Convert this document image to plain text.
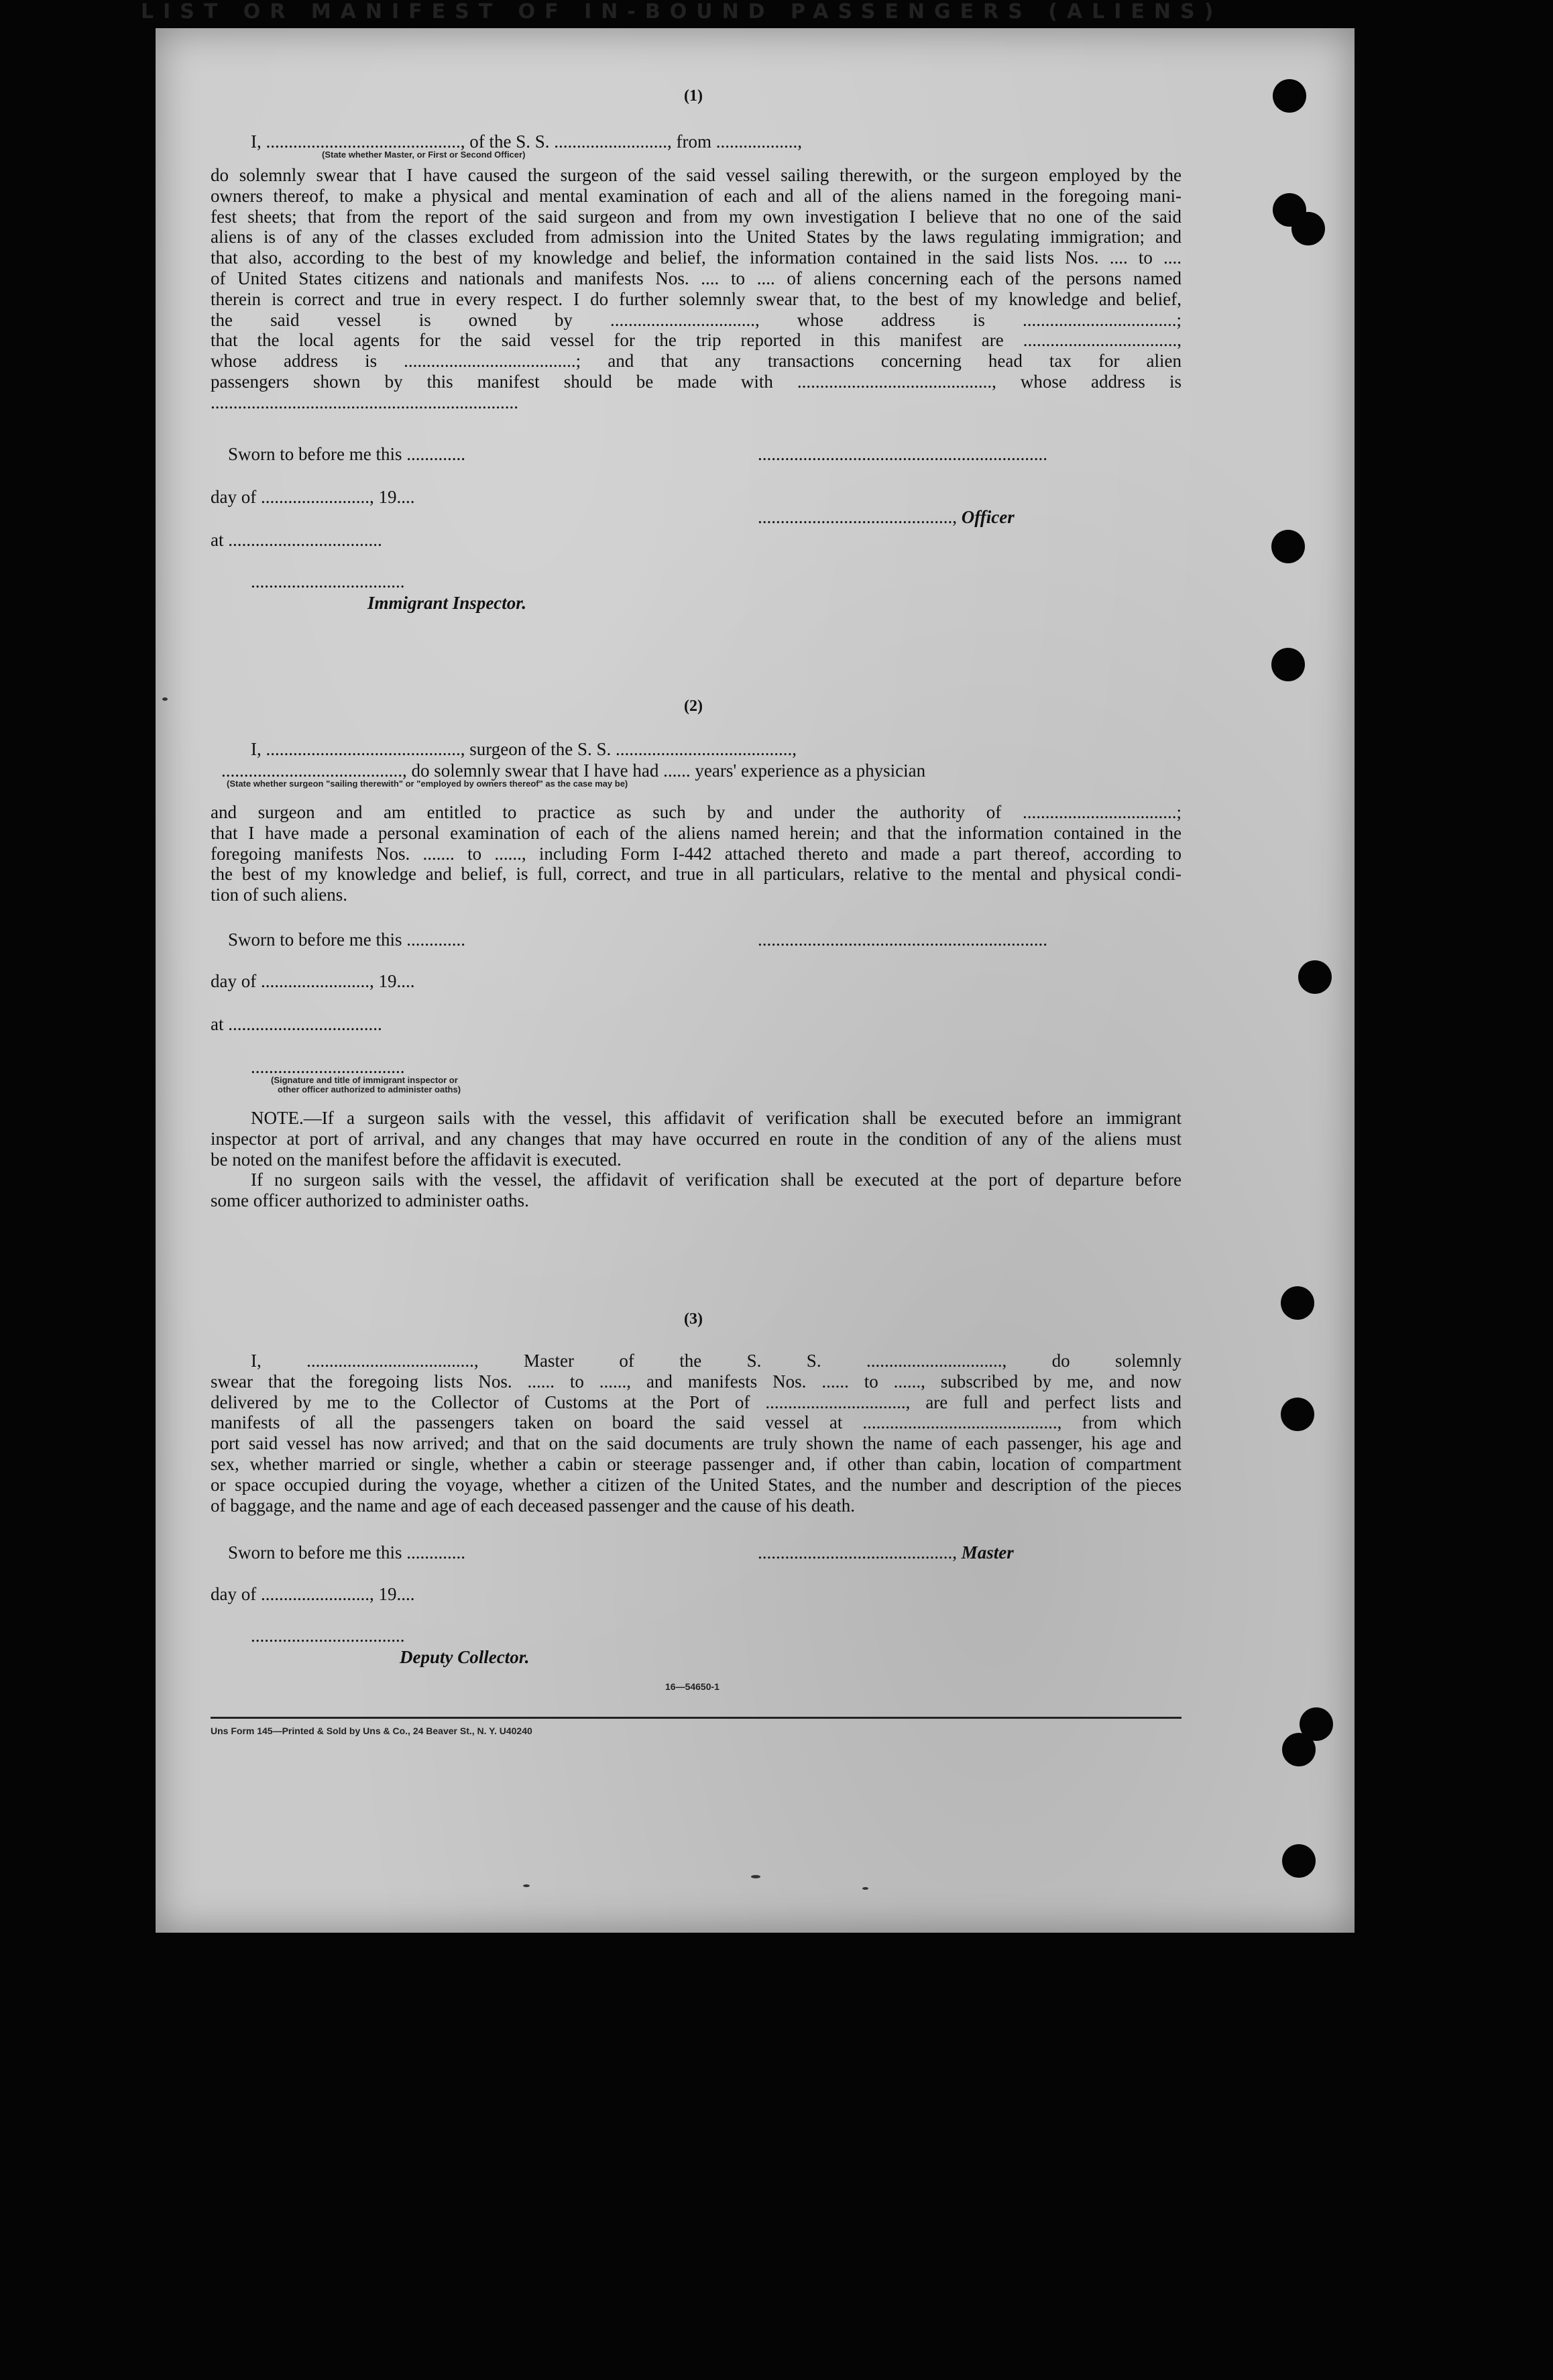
LIST OR MANIFEST OF IN-BOUND PASSENGERS (ALIENS)
(1)
I, ..........................................., of the S. S. ........................., from ..................,
(State whether Master, or First or Second Officer)
do solemnly swear that I have caused the surgeon of the said vessel sailing therewith, or the surgeon employed by the
owners thereof, to make a physical and mental examination of each and all of the aliens named in the foregoing mani-
fest sheets; that from the report of the said surgeon and from my own investigation I believe that no one of the said
aliens is of any of the classes excluded from admission into the United States by the laws regulating immigration; and
that also, according to the best of my knowledge and belief, the information contained in the said lists Nos. .... to ....
of United States citizens and nationals and manifests Nos. .... to .... of aliens concerning each of the persons named
therein is correct and true in every respect. I do further solemnly swear that, to the best of my knowledge and belief,
the said vessel is owned by ................................, whose address is ..................................;
that the local agents for the said vessel for the trip reported in this manifest are ..................................,
whose address is ......................................; and that any transactions concerning head tax for alien
passengers shown by this manifest should be made with ..........................................., whose address is
....................................................................
Sworn to before me this .............
day of ........................, 19....
at ..................................
..................................
Immigrant Inspector.
................................................................
..........................................., Officer
(2)
I, ..........................................., surgeon of the S. S. .......................................,
........................................, do solemnly swear that I have had ...... years' experience as a physician
(State whether surgeon "sailing therewith" or "employed by owners thereof" as the case may be)
and surgeon and am entitled to practice as such by and under the authority of ..................................;
that I have made a personal examination of each of the aliens named herein; and that the information contained in the
foregoing manifests Nos. ....... to ......, including Form I-442 attached thereto and made a part thereof, according to
the best of my knowledge and belief, is full, correct, and true in all particulars, relative to the mental and physical condi-
tion of such aliens.
Sworn to before me this .............	................................................................
day of ........................, 19....
at ..................................
..................................
(Signature and title of immigrant inspector or
other officer authorized to administer oaths)
NOTE.—If a surgeon sails with the vessel, this affidavit of verification shall be executed before an immigrant
inspector at port of arrival, and any changes that may have occurred en route in the condition of any of the aliens must
be noted on the manifest before the affidavit is executed.
If no surgeon sails with the vessel, the affidavit of verification shall be executed at the port of departure before
some officer authorized to administer oaths.
(3)
I, ....................................., Master of the S. S. .............................., do solemnly
swear that the foregoing lists Nos. ...... to ......, and manifests Nos. ...... to ......, subscribed by me, and now
delivered by me to the Collector of Customs at the Port of ..............................., are full and perfect lists and
manifests of all the passengers taken on board the said vessel at ..........................................., from which
port said vessel has now arrived; and that on the said documents are truly shown the name of each passenger, his age and
sex, whether married or single, whether a cabin or steerage passenger and, if other than cabin, location of compartment
or space occupied during the voyage, whether a citizen of the United States, and the number and description of the pieces
of baggage, and the name and age of each deceased passenger and the cause of his death.
Sworn to before me this .............	..........................................., Master
day of ........................, 19....
..................................
Deputy Collector.
16—54650-1
Uns Form 145—Printed & Sold by Uns & Co., 24 Beaver St., N. Y. U40240
